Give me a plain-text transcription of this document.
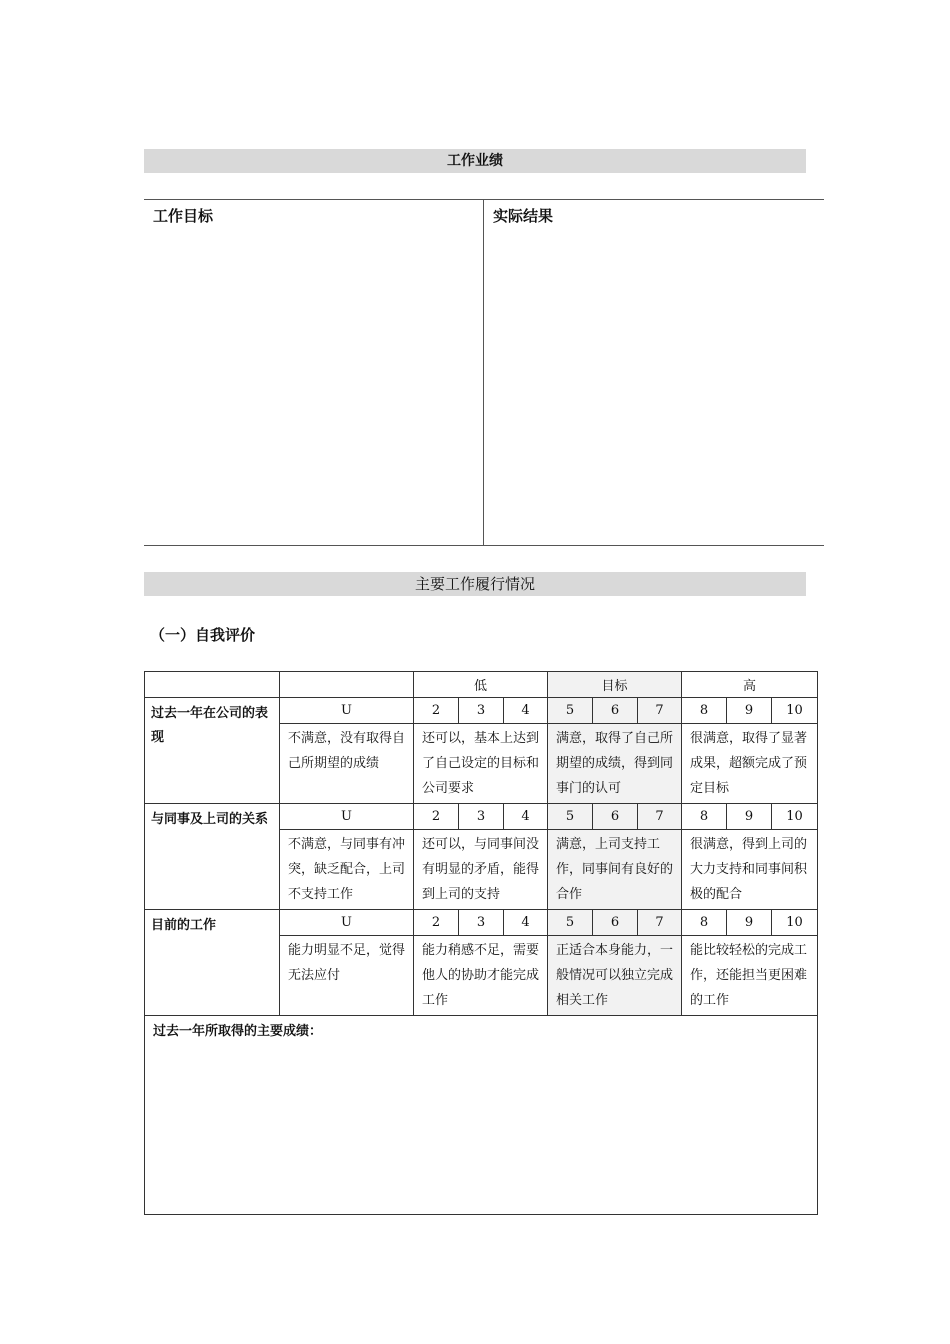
工作业绩
工作目标	实际结果
主要工作履行情况
（一）自我评价
		低			目标			高		
过去一年在公司的表现	U	2	3	4	5	6	7	8	9	10
	不满意，没有取得自己所期望的成绩	还可以，基本上达到了自己设定的目标和公司要求			满意，取得了自己所期望的成绩，得到同事门的认可			很满意，取得了显著成果，超额完成了预定目标		
与同事及上司的关系	U	2	3	4	5	6	7	8	9	10
	不满意，与同事有冲突，缺乏配合，上司不支持工作	还可以，与同事间没有明显的矛盾，能得到上司的支持			满意，上司支持工作，同事间有良好的合作			很满意，得到上司的大力支持和同事间积极的配合		
目前的工作	U	2	3	4	5	6	7	8	9	10
	能力明显不足，觉得无法应付	能力稍感不足，需要他人的协助才能完成工作			正适合本身能力，一般情况可以独立完成相关工作			能比较轻松的完成工作，还能担当更困难的工作		
过去一年所取得的主要成绩：										
